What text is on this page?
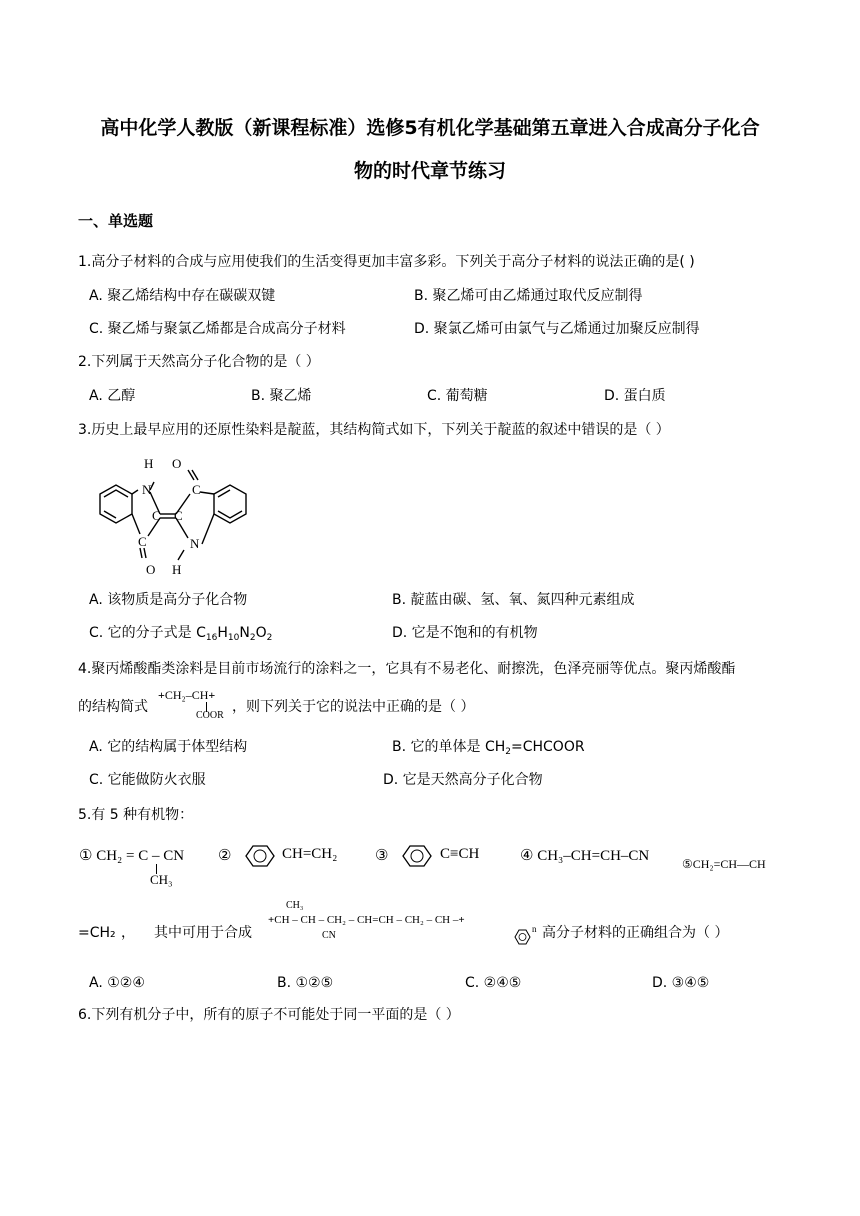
高中化学人教版（新课程标准）选修5有机化学基础第五章进入合成高分子化合
物的时代章节练习
一、单选题
1.高分子材料的合成与应用使我们的生活变得更加丰富多彩。下列关于高分子材料的说法正确的是( )
A. 聚乙烯结构中存在碳碳双键	B. 聚乙烯可由乙烯通过取代反应制得
C. 聚乙烯与聚氯乙烯都是合成高分子材料	D. 聚氯乙烯可由氯气与乙烯通过加聚反应制得
2.下列属于天然高分子化合物的是（ ）
A. 乙醇	B. 聚乙烯	C. 葡萄糖	D. 蛋白质
3.历史上最早应用的还原性染料是靛蓝，其结构简式如下，下列关于靛蓝的叙述中错误的是（ ）
H
N
O
C
C C
C	N
O H
A. 该物质是高分子化合物	B. 靛蓝由碳、氢、氧、氮四种元素组成
C. 它的分子式是 $C_{16}H_{10}N_2O_2$	D. 它是不饱和的有机物
4.聚丙烯酸酯类涂料是目前市场流行的涂料之一，它具有不易老化、耐擦洗，色泽亮丽等优点。聚丙烯酸酯
的结构简式
+CH₂–CH+
COOR
，则下列关于它的说法中正确的是（ ）
A. 它的结构属于体型结构	B. 它的单体是 $CH_2=CHCOOR$
C. 它能做防火衣服	D. 它是天然高分子化合物
5.有 5 种有机物：
① CH₂ = C – CN
CH₃
②	CH=CH₂	③	C≡CH	④ CH₃–CH=CH–CN	⑤CH₂=CH—CH
=CH₂ ， 其中可用于合成
CH₃
+CH – CH – CH₂ – CH=CH – CH₂ – CH –+
CN
n 高分子材料的正确组合为（ ）
A. ①②④	B. ①②⑤	C. ②④⑤	D. ③④⑤
6.下列有机分子中，所有的原子不可能处于同一平面的是（ ）
